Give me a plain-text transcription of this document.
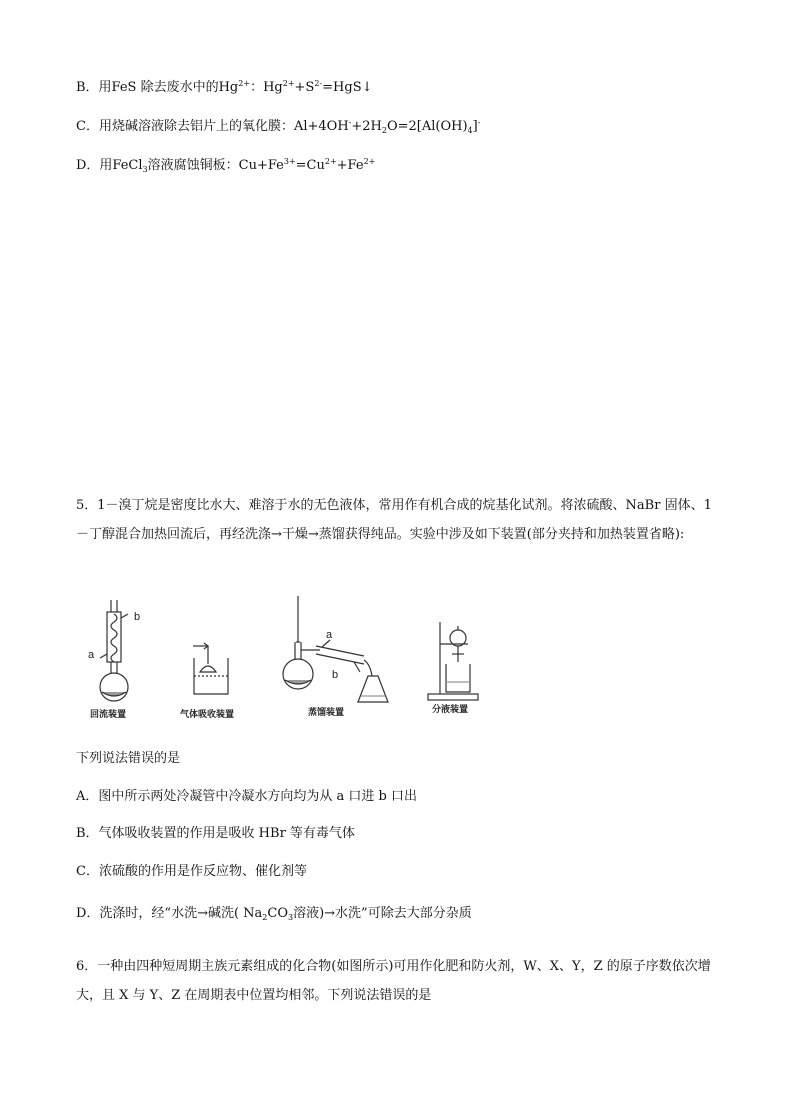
B．用FeS 除去废水中的$Hg^{2+}$：$Hg^{2+}+S^{2-}=HgS↓$
C．用烧碱溶液除去铝片上的氧化膜：$Al+4OH^-+2H_2O=2[Al(OH)_4]^-$
D．用FeCl$_3$溶液腐蚀铜板：$Cu+Fe^{3+}=Cu^{2+}+Fe^{2+}$
5．1－溴丁烷是密度比水大、难溶于水的无色液体，常用作有机合成的烷基化试剂。将浓硫酸、NaBr 固体、1－丁醇混合加热回流后，再经洗涤→干燥→蒸馏获得纯品。实验中涉及如下装置(部分夹持和加热装置省略):
b
a
a
b
回流装置	气体吸收装置	蒸馏装置	分液装置
下列说法错误的是
A．图中所示两处冷凝管中冷凝水方向均为从 a 口进 b 口出
B．气体吸收装置的作用是吸收 HBr 等有毒气体
C．浓硫酸的作用是作反应物、催化剂等
D．洗涤时，经“水洗→碱洗( $Na_2CO_3$溶液)→水洗”可除去大部分杂质
6．一种由四种短周期主族元素组成的化合物(如图所示)可用作化肥和防火剂，W、X、Y，Z 的原子序数依次增大，且 X 与 Y、Z 在周期表中位置均相邻。下列说法错误的是
